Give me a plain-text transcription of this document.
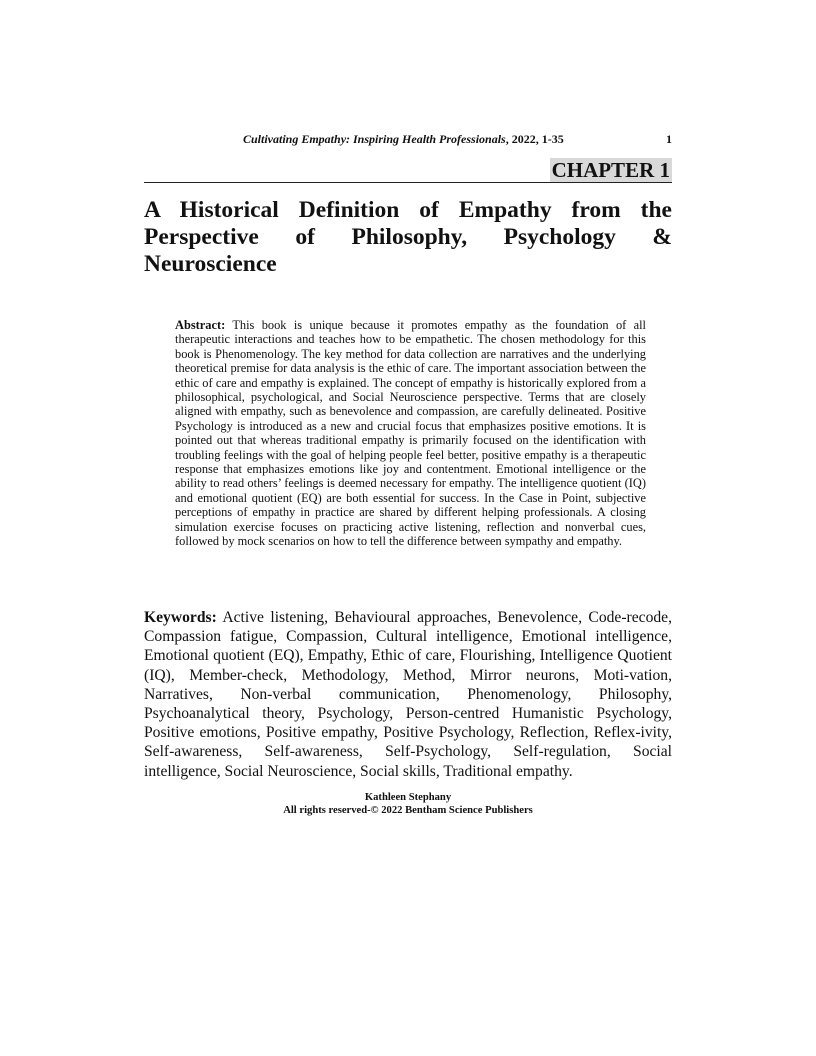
Cultivating Empathy: Inspiring Health Professionals, 2022, 1-35	1
CHAPTER 1
A Historical Definition of Empathy from the
Perspective of Philosophy, Psychology &
Neuroscience

Abstract: This book is unique because it promotes empathy as the foundation of all therapeutic interactions and teaches how to be empathetic. The chosen methodology for this book is Phenomenology. The key method for data collection are narratives and the underlying theoretical premise for data analysis is the ethic of care. The important association between the ethic of care and empathy is explained. The concept of empathy is historically explored from a philosophical, psychological, and Social Neuroscience perspective. Terms that are closely aligned with empathy, such as benevolence and compassion, are carefully delineated. Positive Psychology is introduced as a new and crucial focus that emphasizes positive emotions. It is pointed out that whereas traditional empathy is primarily focused on the identification with troubling feelings with the goal of helping people feel better, positive empathy is a therapeutic response that emphasizes emotions like joy and contentment. Emotional intelligence or the ability to read others’ feelings is deemed necessary for empathy. The intelligence quotient (IQ) and emotional quotient (EQ) are both essential for success. In the Case in Point, subjective perceptions of empathy in practice are shared by different helping professionals. A closing simulation exercise focuses on practicing active listening, reflection and nonverbal cues, followed by mock scenarios on how to tell the difference between sympathy and empathy.

Keywords: Active listening, Behavioural approaches, Benevolence, Code-recode, Compassion fatigue, Compassion, Cultural intelligence, Emotional intelligence, Emotional quotient (EQ), Empathy, Ethic of care, Flourishing, Intelligence Quotient (IQ), Member-check, Methodology, Method, Mirror neurons, Moti-vation, Narratives, Non-verbal communication, Phenomenology, Philosophy, Psychoanalytical theory, Psychology, Person-centred Humanistic Psychology, Positive emotions, Positive empathy, Positive Psychology, Reflection, Reflex-ivity, Self-awareness, Self-awareness, Self-Psychology, Self-regulation, Social intelligence, Social Neuroscience, Social skills, Traditional empathy.

Kathleen Stephany
All rights reserved-© 2022 Bentham Science Publishers
